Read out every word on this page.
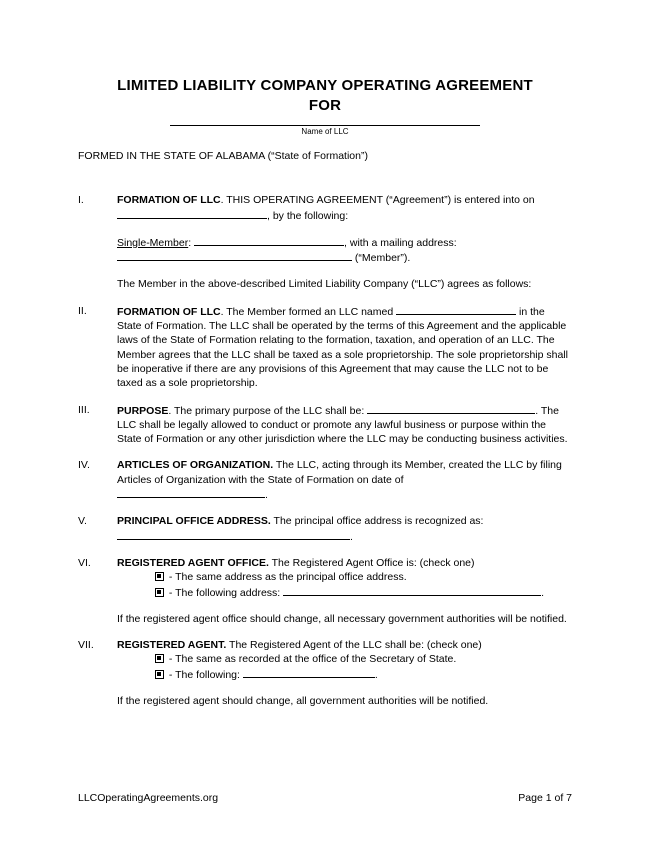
LIMITED LIABILITY COMPANY OPERATING AGREEMENT
FOR
Name of LLC
FORMED IN THE STATE OF ALABAMA (“State of Formation”)
I.	FORMATION OF LLC. THIS OPERATING AGREEMENT (“Agreement”) is entered into on , by the following:
Single-Member:	, with a mailing address:
(“Member”).
The Member in the above-described Limited Liability Company (“LLC”) agrees as follows:
II.	FORMATION OF LLC. The Member formed an LLC named	in the State of Formation. The LLC shall be operated by the terms of this Agreement and the applicable laws of the State of Formation relating to the formation, taxation, and operation of an LLC. The Member agrees that the LLC shall be taxed as a sole proprietorship. The sole proprietorship shall be inoperative if there are any provisions of this Agreement that may cause the LLC not to be taxed as a sole proprietorship.
III.	PURPOSE. The primary purpose of the LLC shall be:	. The LLC shall be legally allowed to conduct or promote any lawful business or purpose within the State of Formation or any other jurisdiction where the LLC may be conducting business activities.
IV.	ARTICLES OF ORGANIZATION. The LLC, acting through its Member, created the LLC by filing Articles of Organization with the State of Formation on date of
.
V.	PRINCIPAL OFFICE ADDRESS. The principal office address is recognized as:
.
VI.	REGISTERED AGENT OFFICE. The Registered Agent Office is: (check one)
- The same address as the principal office address.
- The following address:	.
If the registered agent office should change, all necessary government authorities will be notified.
VII.	REGISTERED AGENT. The Registered Agent of the LLC shall be: (check one)
- The same as recorded at the office of the Secretary of State.
- The following:	.
If the registered agent should change, all government authorities will be notified.
LLCOperatingAgreements.org	Page 1 of 7
